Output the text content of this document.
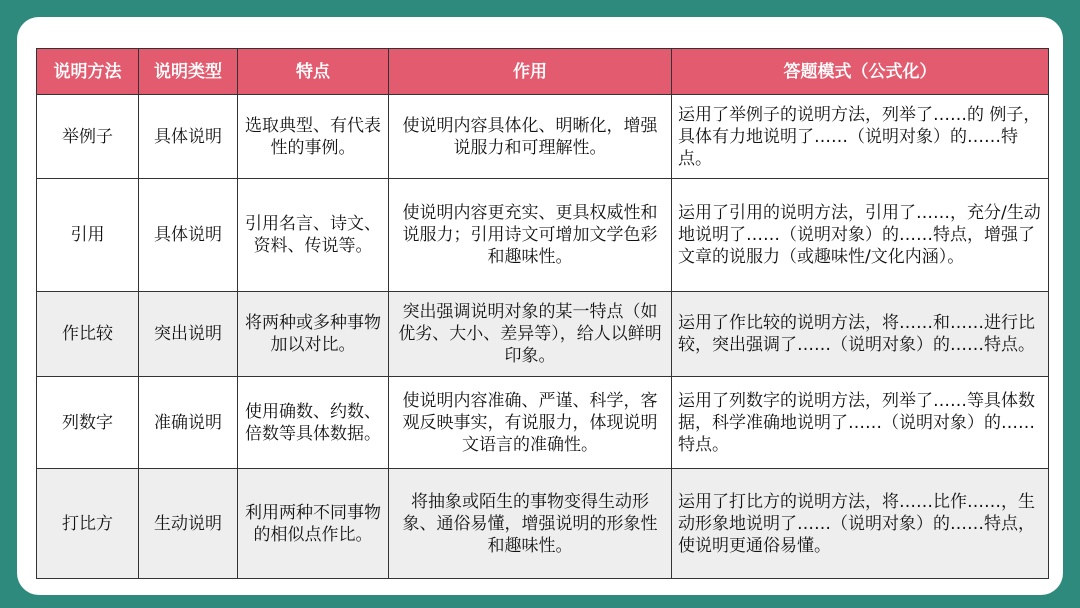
说明方法	说明类型	特点	作用	答题模式（公式化）
举例子	具体说明	选取典型、有代表性的事例。	使说明内容具体化、明晰化，增强说服力和可理解性。	运用了举例子的说明方法，列举了……的 例子，具体有力地说明了……（说明对象）的……特点。
引用	具体说明	引用名言、诗文、资料、传说等。	使说明内容更充实、更具权威性和说服力；引用诗文可增加文学色彩和趣味性。	运用了引用的说明方法，引用了……，充分/生动地说明了……（说明对象）的……特点，增强了文章的说服力（或趣味性/文化内涵）。
作比较	突出说明	将两种或多种事物加以对比。	突出强调说明对象的某一特点（如优劣、大小、差异等），给人以鲜明印象。	运用了作比较的说明方法，将……和……进行比较，突出强调了……（说明对象）的……特点。
列数字	准确说明	使用确数、约数、倍数等具体数据。	使说明内容准确、严谨、科学，客观反映事实，有说服力，体现说明文语言的准确性。	运用了列数字的说明方法，列举了……等具体数据，科学准确地说明了……（说明对象）的……特点。
打比方	生动说明	利用两种不同事物的相似点作比。	将抽象或陌生的事物变得生动形象、通俗易懂，增强说明的形象性和趣味性。	运用了打比方的说明方法，将……比作……，生动形象地说明了……（说明对象）的……特点，使说明更通俗易懂。
